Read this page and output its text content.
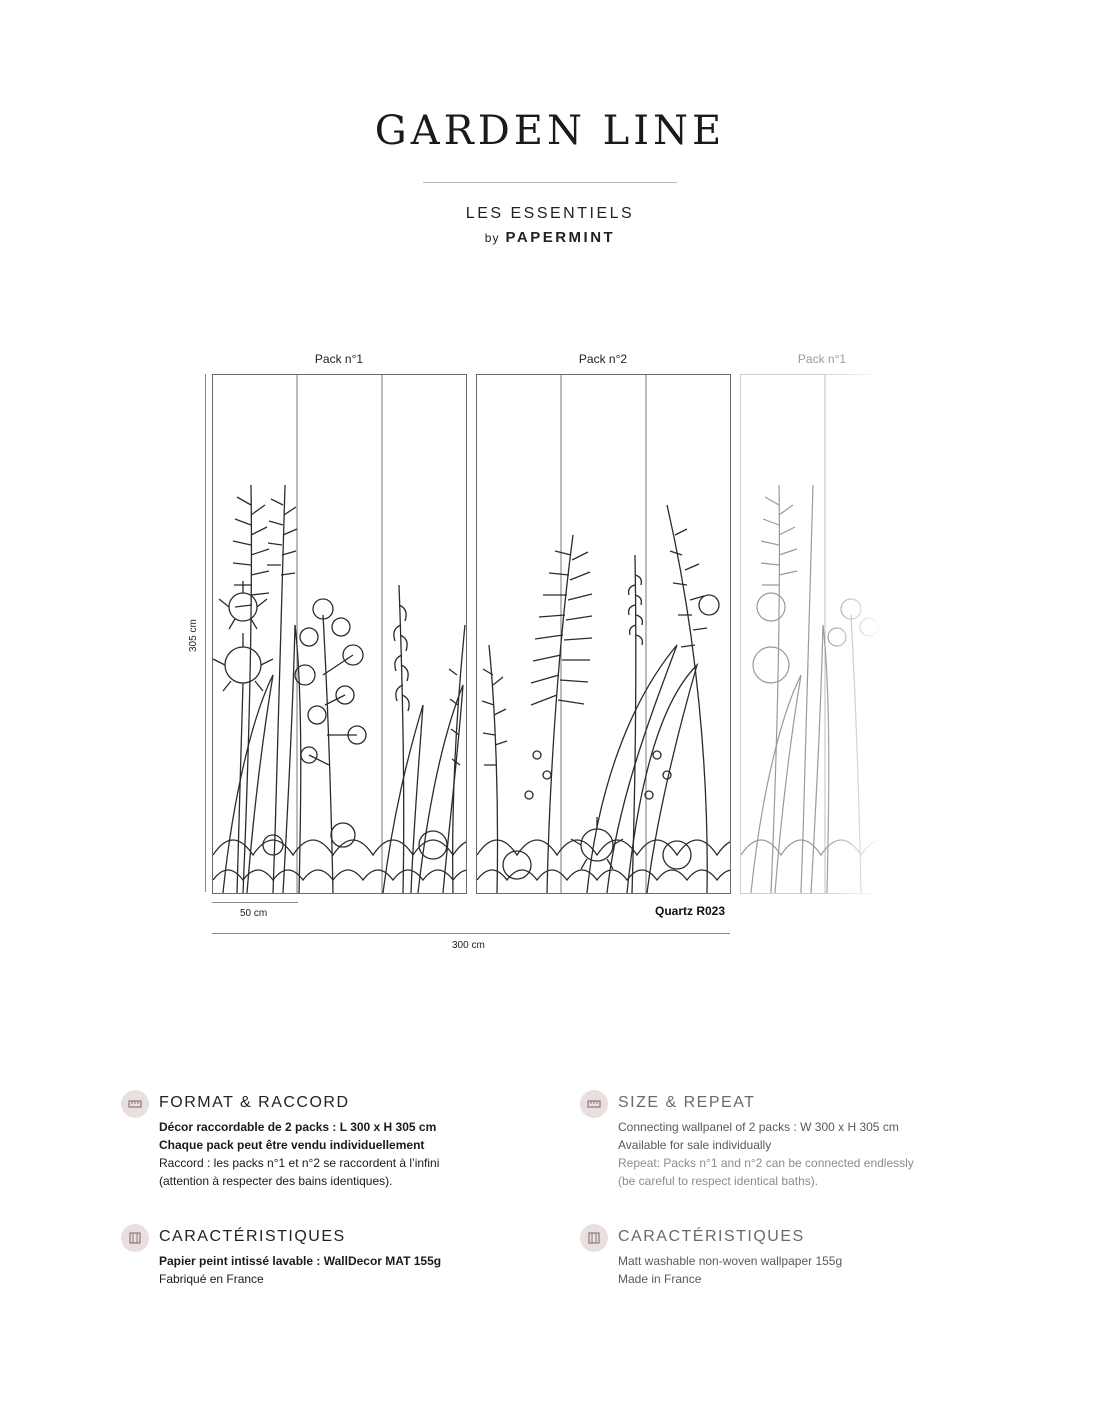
GARDEN LINE
LES ESSENTIELS
by PAPERMINT
Pack n°1	Pack n°2	Pack n°1
305 cm
50 cm	Quartz R023
300 cm
FORMAT & RACCORD
Décor raccordable de 2 packs : L 300 x H 305 cm
Chaque pack peut être vendu individuellement
Raccord : les packs n°1 et n°2 se raccordent à l’infini
(attention à respecter des bains identiques).
SIZE & REPEAT
Connecting wallpanel of 2 packs : W 300 x H 305 cm
Available for sale individually
Repeat: Packs n°1 and n°2 can be connected endlessly
(be careful to respect identical baths).
CARACTÉRISTIQUES
Papier peint intissé lavable : WallDecor MAT 155g
Fabriqué en France
CARACTÉRISTIQUES
Matt washable non-woven wallpaper 155g
Made in France
